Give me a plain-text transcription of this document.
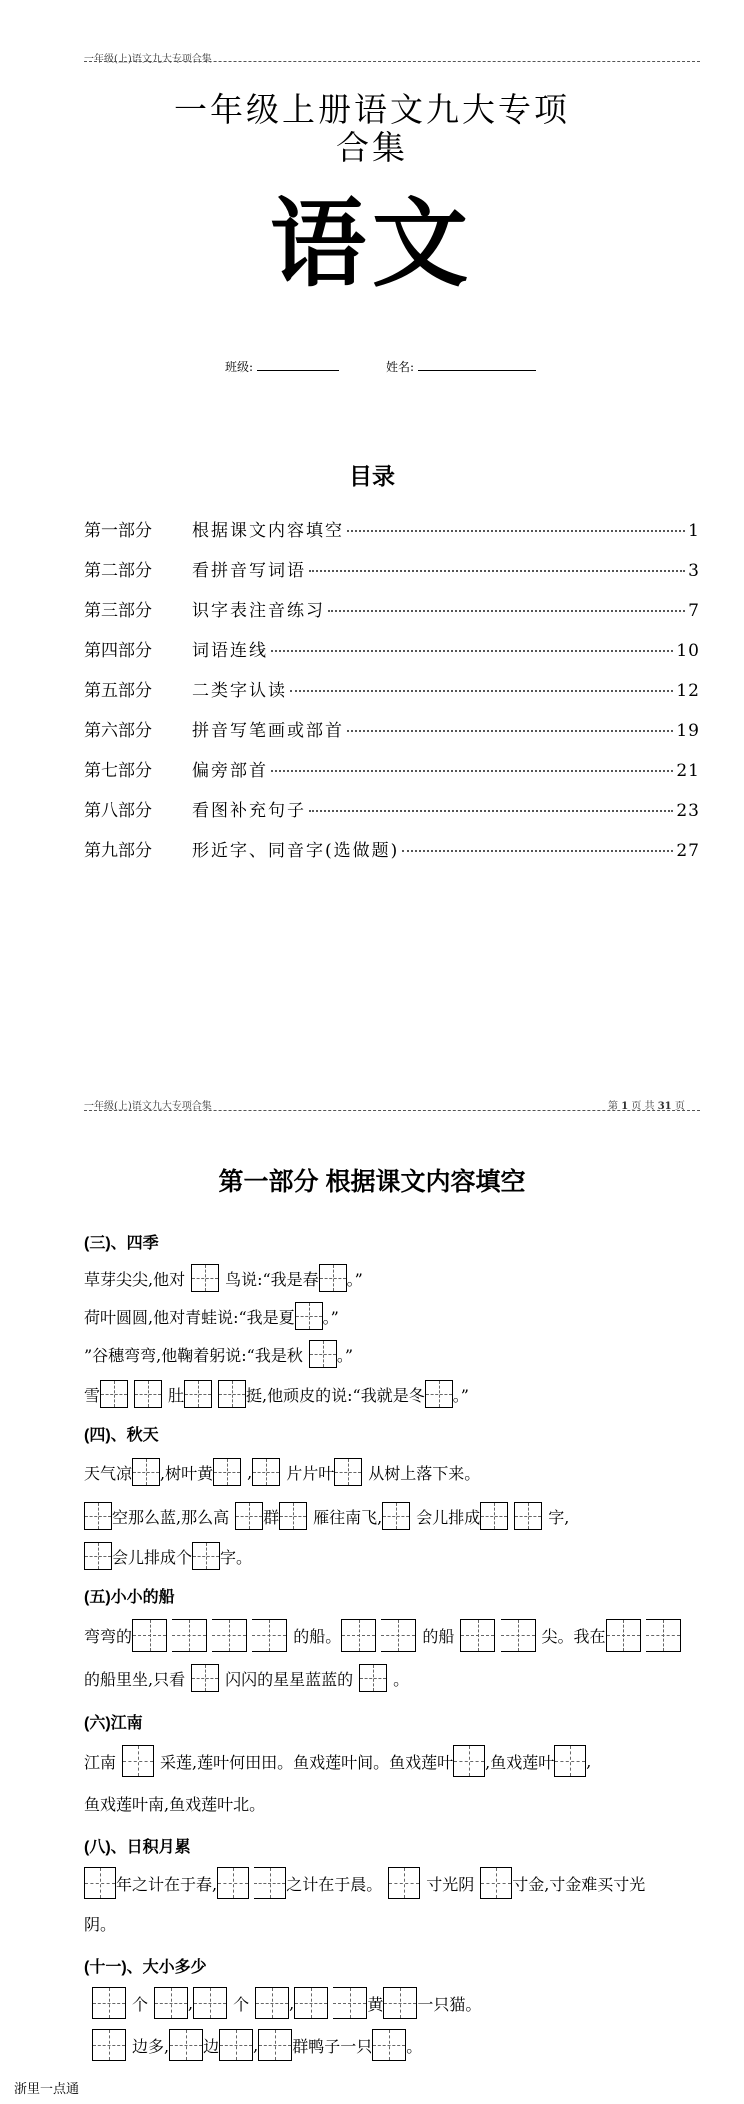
一年级(上)语文九大专项合集
一年级上册语文九大专项
合集
语文
班级:	姓名:
目录
第一部分	根据课文内容填空	1
第二部分	看拼音写词语	3
第三部分	识字表注音练习	7
第四部分	词语连线	10
第五部分	二类字认读	12
第六部分	拼音写笔画或部首	19
第七部分	偏旁部首	21
第八部分	看图补充句子	23
第九部分	形近字、同音字(选做题)	27
一年级(上)语文九大专项合集	第 1 页 共 31 页
第一部分 根据课文内容填空
(三)、四季
草芽尖尖,他对	鸟说:“我是春 。”
荷叶圆圆,他对青蛙说:“我是夏 。”
”谷穗弯弯,他鞠着躬说:“我是秋 。”
雪	肚	挺,他顽皮的说:“我就是冬 。”
(四)、秋天
天气凉 ,树叶黄 , 片片叶 从树上落下来。
空那么蓝,那么高 群 雁往南飞, 会儿排成	字,
会儿排成个 字。
(五)小小的船
弯弯的
	的船。
	的船
	尖。我在

的船里坐,只看	闪闪的星星蓝蓝的	。
(六)江南
江南	采莲,莲叶何田田。鱼戏莲叶间。鱼戏莲叶 ,鱼戏莲叶 ,
鱼戏莲叶南,鱼戏莲叶北。
(八)、日积月累
年之计在于春,
	之计在于晨。	寸光阴 寸金,寸金难买寸光
阴。
(十一)、大小多少
个	,	个	,
	黄 一只猫。
边多, 边 , 群鸭子一只 。
浙里一点通
